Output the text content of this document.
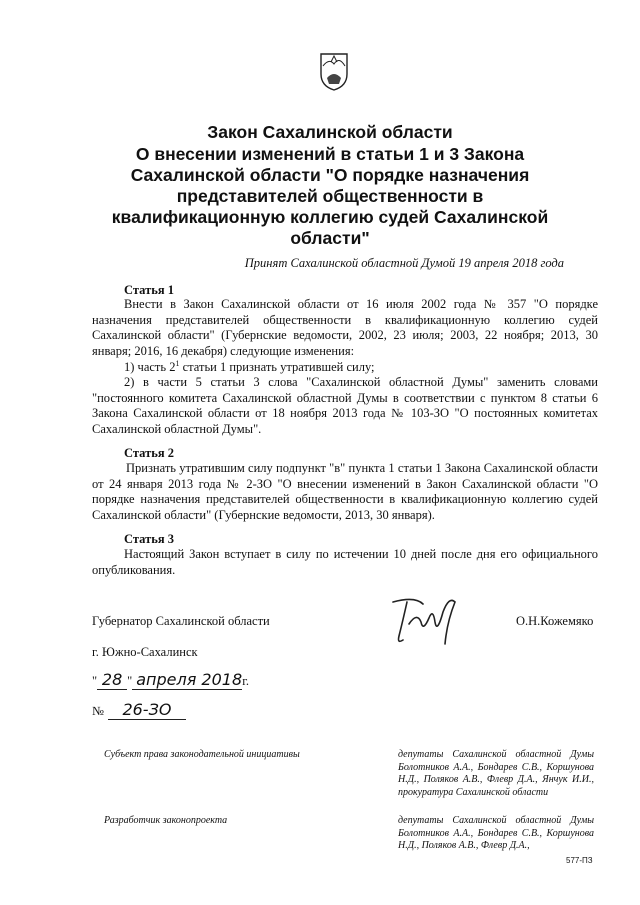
Закон Сахалинской области
О внесении изменений в статьи 1 и 3 Закона
Сахалинской области "О порядке назначения
представителей общественности в
квалификационную коллегию судей Сахалинской
области"
Принят Сахалинской областной Думой 19 апреля 2018 года
Статья 1
Внести в Закон Сахалинской области от 16 июля 2002 года № 357 "О порядке назначения представителей общественности в квалификационную коллегию судей Сахалинской области" (Губернские ведомости, 2002, 23 июля; 2003, 22 ноября; 2013, 30 января; 2016, 16 декабря) следующие изменения:
1) часть $2^1$ статьи 1 признать утратившей силу;
2) в части 5 статьи 3 слова "Сахалинской областной Думы" заменить словами "постоянного комитета Сахалинской областной Думы в соответствии с пунктом 8 статьи 6 Закона Сахалинской области от 18 ноября 2013 года № 103-ЗО "О постоянных комитетах Сахалинской областной Думы".
Статья 2
Признать утратившим силу подпункт "в" пункта 1 статьи 1 Закона Сахалинской области от 24 января 2013 года № 2-ЗО "О внесении изменений в Закон Сахалинской области "О порядке назначения представителей общественности в квалификационную коллегию судей Сахалинской области" (Губернские ведомости, 2013, 30 января).
Статья 3
Настоящий Закон вступает в силу по истечении 10 дней после дня его официального опубликования.
Губернатор Сахалинской области	О.Н.Кожемяко
г. Южно-Сахалинск
" 28 " апреля 2018г.
№ 26-ЗО
Субъект права законодательной инициативы	депутаты Сахалинской областной Думы Болотников А.А., Бондарев С.В., Коршунова Н.Д., Поляков А.В., Флевр Д.А., Янчук И.И., прокуратура Сахалинской области
Разработчик законопроекта	депутаты Сахалинской областной Думы Болотников А.А., Бондарев С.В., Коршунова Н.Д., Поляков А.В., Флевр Д.А.,
577-ПЗ
